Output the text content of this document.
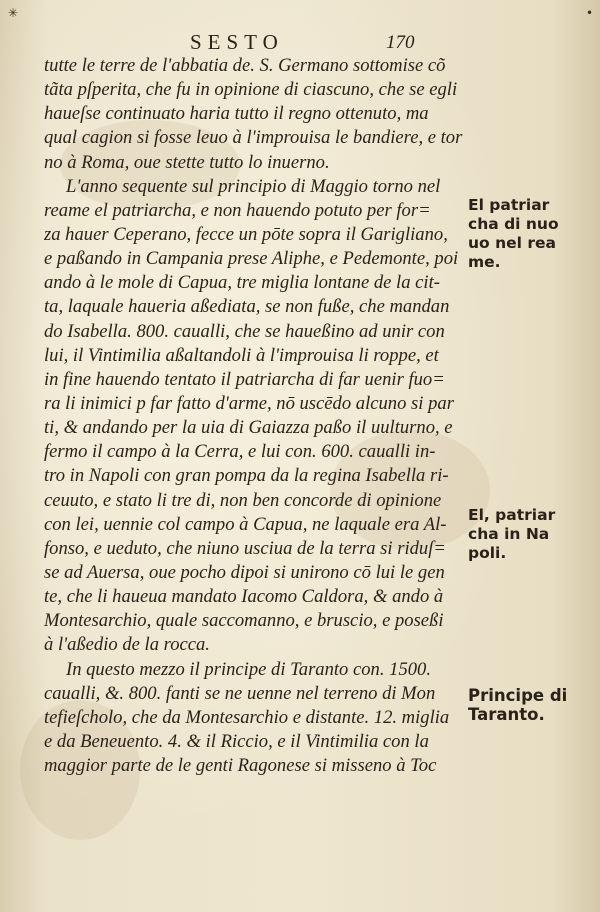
✳	•
SESTO	170
tutte le terre de l'abbatia de. S. Germano sottomise cõ
tãta pſperita, che fu in opinione di ciascuno, che se egli
haueſse continuato haria tutto il regno ottenuto, ma
qual cagion si fosse leuo à l'improuisa le bandiere, e tor
no à Roma, oue stette tutto lo inuerno.
L'anno sequente sul principio di Maggio torno nel
reame el patriarcha, e non hauendo potuto per for=
za hauer Ceperano, fecce un pōte sopra il Garigliano,
e paßando in Campania prese Aliphe, e Pedemonte, poi
ando à le mole di Capua, tre miglia lontane de la cit-
ta, laquale haueria aßediata, se non fuße, che mandan
do Isabella. 800. caualli, che se haueßino ad unir con
lui, il Vintimilia aßaltandoli à l'improuisa li roppe, et
in fine hauendo tentato il patriarcha di far uenir fuo=
ra li inimici p far fatto d'arme, nō uscēdo alcuno si par
ti, & andando per la uia di Gaiazza paßo il uulturno, e
fermo il campo à la Cerra, e lui con. 600. caualli in-
tro in Napoli con gran pompa da la regina Isabella ri-
ceuuto, e stato li tre di, non ben concorde di opinione
con lei, uennie col campo à Capua, ne laquale era Al-
fonso, e ueduto, che niuno usciua de la terra si riduſ=
se ad Auersa, oue pocho dipoi si unirono cō lui le gen
te, che li haueua mandato Iacomo Caldora, & ando à
Montesarchio, quale saccomanno, e bruscio, e poseßi
à l'aßedio de la rocca.
In questo mezzo il principe di Taranto con. 1500.
caualli, &. 800. fanti se ne uenne nel terreno di Mon
tefieſcholo, che da Montesarchio e distante. 12. miglia
e da Beneuento. 4. & il Riccio, e il Vintimilia con la
maggior parte de le genti Ragonese si misseno à Toc
El patriar
cha di nuo
uo nel rea
me.
El, patriar
cha in Na
poli.
Principe di
Taranto.
